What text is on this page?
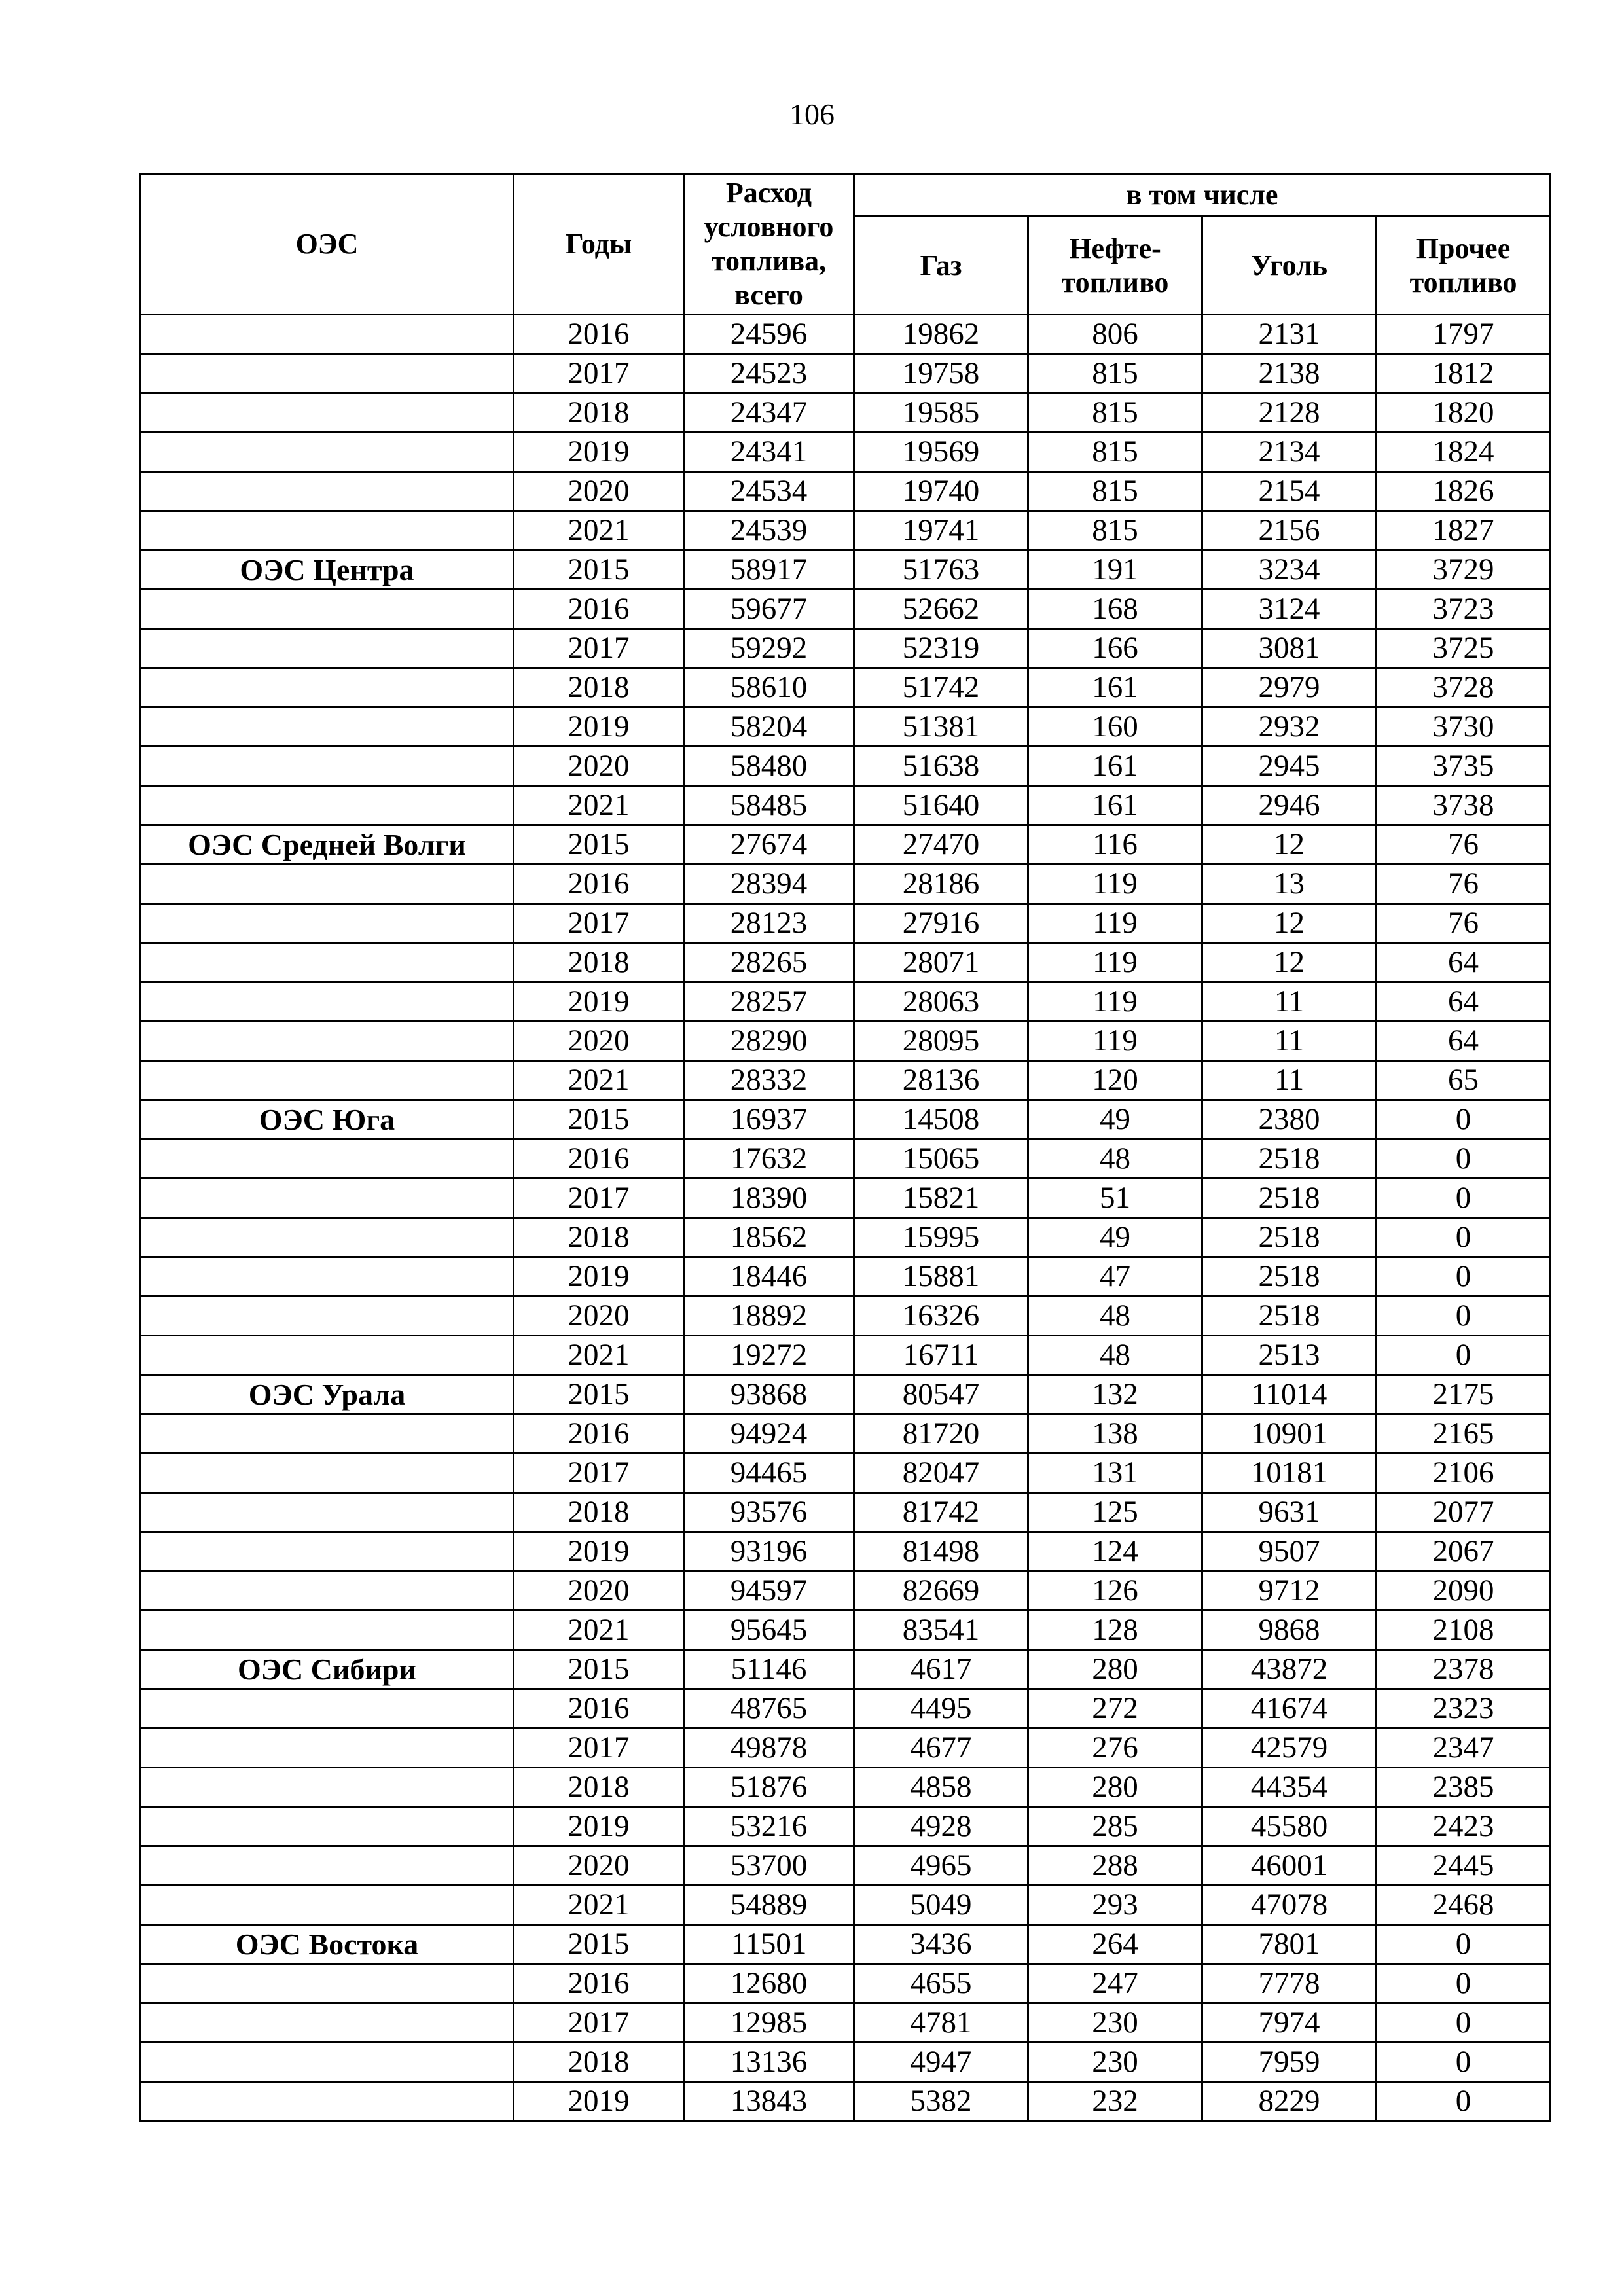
106
ОЭС	Годы	Расход условного топлива, всего	в том числе			
			Газ	Нефте-топливо	Уголь	Прочее топливо
	2016	24596	19862	806	2131	1797
	2017	24523	19758	815	2138	1812
	2018	24347	19585	815	2128	1820
	2019	24341	19569	815	2134	1824
	2020	24534	19740	815	2154	1826
	2021	24539	19741	815	2156	1827
ОЭС Центра	2015	58917	51763	191	3234	3729
	2016	59677	52662	168	3124	3723
	2017	59292	52319	166	3081	3725
	2018	58610	51742	161	2979	3728
	2019	58204	51381	160	2932	3730
	2020	58480	51638	161	2945	3735
	2021	58485	51640	161	2946	3738
ОЭС Средней Волги	2015	27674	27470	116	12	76
	2016	28394	28186	119	13	76
	2017	28123	27916	119	12	76
	2018	28265	28071	119	12	64
	2019	28257	28063	119	11	64
	2020	28290	28095	119	11	64
	2021	28332	28136	120	11	65
ОЭС Юга	2015	16937	14508	49	2380	0
	2016	17632	15065	48	2518	0
	2017	18390	15821	51	2518	0
	2018	18562	15995	49	2518	0
	2019	18446	15881	47	2518	0
	2020	18892	16326	48	2518	0
	2021	19272	16711	48	2513	0
ОЭС Урала	2015	93868	80547	132	11014	2175
	2016	94924	81720	138	10901	2165
	2017	94465	82047	131	10181	2106
	2018	93576	81742	125	9631	2077
	2019	93196	81498	124	9507	2067
	2020	94597	82669	126	9712	2090
	2021	95645	83541	128	9868	2108
ОЭС Сибири	2015	51146	4617	280	43872	2378
	2016	48765	4495	272	41674	2323
	2017	49878	4677	276	42579	2347
	2018	51876	4858	280	44354	2385
	2019	53216	4928	285	45580	2423
	2020	53700	4965	288	46001	2445
	2021	54889	5049	293	47078	2468
ОЭС Востока	2015	11501	3436	264	7801	0
	2016	12680	4655	247	7778	0
	2017	12985	4781	230	7974	0
	2018	13136	4947	230	7959	0
	2019	13843	5382	232	8229	0
